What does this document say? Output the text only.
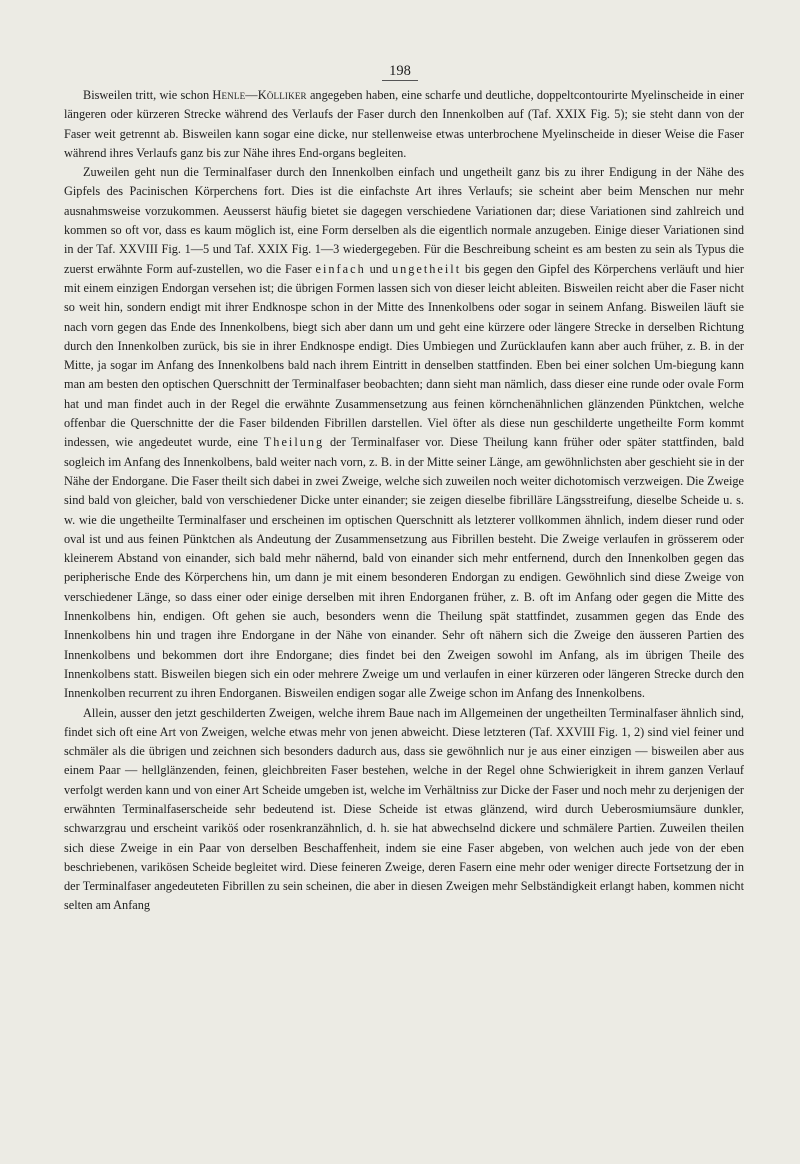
198

Bisweilen tritt, wie schon Henle—Kölliker angegeben haben, eine scharfe und deutliche, doppeltcontourirte Myelinscheide in einer längeren oder kürzeren Strecke während des Verlaufs der Faser durch den Innenkolben auf (Taf. XXIX Fig. 5); sie steht dann von der Faser weit getrennt ab. Bisweilen kann sogar eine dicke, nur stellenweise etwas unterbrochene Myelinscheide in dieser Weise die Faser während ihres Verlaufs ganz bis zur Nähe ihres End-organs begleiten.

Zuweilen geht nun die Terminalfaser durch den Innenkolben einfach und ungetheilt ganz bis zu ihrer Endigung in der Nähe des Gipfels des Pacinischen Körperchens fort. Dies ist die einfachste Art ihres Verlaufs; sie scheint aber beim Menschen nur mehr ausnahmsweise vorzukommen. Aeusserst häufig bietet sie dagegen verschiedene Variationen dar; diese Variationen sind zahlreich und kommen so oft vor, dass es kaum möglich ist, eine Form derselben als die eigentlich normale anzugeben. Einige dieser Variationen sind in der Taf. XXVIII Fig. 1—5 und Taf. XXIX Fig. 1—3 wiedergegeben. Für die Beschreibung scheint es am besten zu sein als Typus die zuerst erwähnte Form auf-zustellen, wo die Faser einfach und ungetheilt bis gegen den Gipfel des Körperchens verläuft und hier mit einem einzigen Endorgan versehen ist; die übrigen Formen lassen sich von dieser leicht ableiten. Bisweilen reicht aber die Faser nicht so weit hin, sondern endigt mit ihrer Endknospe schon in der Mitte des Innenkolbens oder sogar in seinem Anfang. Bisweilen läuft sie nach vorn gegen das Ende des Innenkolbens, biegt sich aber dann um und geht eine kürzere oder längere Strecke in derselben Richtung durch den Innenkolben zurück, bis sie in ihrer Endknospe endigt. Dies Umbiegen und Zurücklaufen kann aber auch früher, z. B. in der Mitte, ja sogar im Anfang des Innenkolbens bald nach ihrem Eintritt in denselben stattfinden. Eben bei einer solchen Um-biegung kann man am besten den optischen Querschnitt der Terminalfaser beobachten; dann sieht man nämlich, dass dieser eine runde oder ovale Form hat und man findet auch in der Regel die erwähnte Zusammensetzung aus feinen körnchenähnlichen glänzenden Pünktchen, welche offenbar die Querschnitte der die Faser bildenden Fibrillen darstellen. Viel öfter als diese nun geschilderte ungetheilte Form kommt indessen, wie angedeutet wurde, eine Theilung der Terminalfaser vor. Diese Theilung kann früher oder später stattfinden, bald sogleich im Anfang des Innenkolbens, bald weiter nach vorn, z. B. in der Mitte seiner Länge, am gewöhnlichsten aber geschieht sie in der Nähe der Endorgane. Die Faser theilt sich dabei in zwei Zweige, welche sich zuweilen noch weiter dichotomisch verzweigen. Die Zweige sind bald von gleicher, bald von verschiedener Dicke unter einander; sie zeigen dieselbe fibrilläre Längsstreifung, dieselbe Scheide u. s. w. wie die ungetheilte Terminalfaser und erscheinen im optischen Querschnitt als letzterer vollkommen ähnlich, indem dieser rund oder oval ist und aus feinen Pünktchen als Andeutung der Zusammensetzung aus Fibrillen besteht. Die Zweige verlaufen in grösserem oder kleinerem Abstand von einander, sich bald mehr nähernd, bald von einander sich mehr entfernend, durch den Innenkolben gegen das peripherische Ende des Körperchens hin, um dann je mit einem besonderen Endorgan zu endigen. Gewöhnlich sind diese Zweige von verschiedener Länge, so dass einer oder einige derselben mit ihren Endorganen früher, z. B. oft im Anfang oder gegen die Mitte des Innenkolbens hin, endigen. Oft gehen sie auch, besonders wenn die Theilung spät stattfindet, zusammen gegen das Ende des Innenkolbens hin und tragen ihre Endorgane in der Nähe von einander. Sehr oft nähern sich die Zweige den äusseren Partien des Innenkolbens und bekommen dort ihre Endorgane; dies findet bei den Zweigen sowohl im Anfang, als im übrigen Theile des Innenkolbens statt. Bisweilen biegen sich ein oder mehrere Zweige um und verlaufen in einer kürzeren oder längeren Strecke durch den Innenkolben recurrent zu ihren Endorganen. Bisweilen endigen sogar alle Zweige schon im Anfang des Innenkolbens.

Allein, ausser den jetzt geschilderten Zweigen, welche ihrem Baue nach im Allgemeinen der ungetheilten Terminalfaser ähnlich sind, findet sich oft eine Art von Zweigen, welche etwas mehr von jenen abweicht. Diese letzteren (Taf. XXVIII Fig. 1, 2) sind viel feiner und schmäler als die übrigen und zeichnen sich besonders dadurch aus, dass sie gewöhnlich nur je aus einer einzigen — bisweilen aber aus einem Paar — hellglänzenden, feinen, gleichbreiten Faser bestehen, welche in der Regel ohne Schwierigkeit in ihrem ganzen Verlauf verfolgt werden kann und von einer Art Scheide umgeben ist, welche im Verhältniss zur Dicke der Faser und noch mehr zu derjenigen der erwähnten Terminalfaserscheide sehr bedeutend ist. Diese Scheide ist etwas glänzend, wird durch Ueberosmiumsäure dunkler, schwarzgrau und erscheint variköś oder rosenkranzähnlich, d. h. sie hat abwechselnd dickere und schmälere Partien. Zuweilen theilen sich diese Zweige in ein Paar von derselben Beschaffenheit, indem sie eine Faser abgeben, von welchen auch jede von der eben beschriebenen, varikösen Scheide begleitet wird. Diese feineren Zweige, deren Fasern eine mehr oder weniger directe Fortsetzung der in der Terminalfaser angedeuteten Fibrillen zu sein scheinen, die aber in diesen Zweigen mehr Selbständigkeit erlangt haben, kommen nicht selten am Anfang
